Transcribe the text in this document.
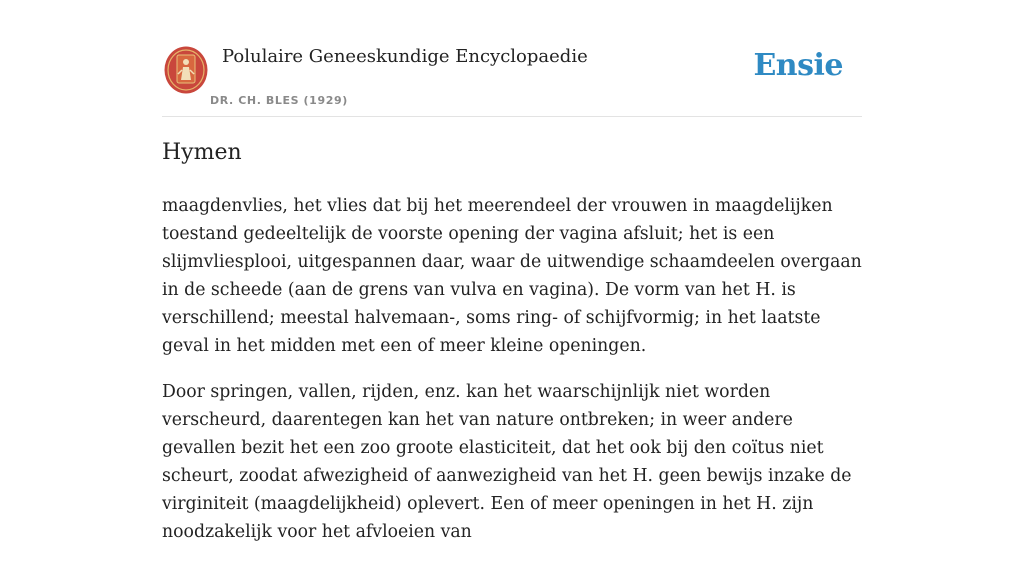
Polulaire Geneeskundige Encyclopaedie
DR. CH. BLES (1929)
Ensie
Hymen

maagdenvlies, het vlies dat bij het meerendeel der vrouwen in maagdelijken toestand gedeeltelijk de voorste opening der vagina afsluit; het is een slijmvliesplooi, uitgespannen daar, waar de uitwendige schaamdeelen overgaan in de scheede (aan de grens van vulva en vagina). De vorm van het H. is verschillend; meestal halvemaan-, soms ring- of schijfvormig; in het laatste geval in het midden met een of meer kleine openingen.

Door springen, vallen, rijden, enz. kan het waarschijnlijk niet worden verscheurd, daarentegen kan het van nature ontbreken; in weer andere gevallen bezit het een zoo groote elasticiteit, dat het ook bij den coïtus niet scheurt, zoodat afwezigheid of aanwezigheid van het H. geen bewijs inzake de virginiteit (maagdelijkheid) oplevert. Een of meer openingen in het H. zijn noodzakelijk voor het afvloeien van
